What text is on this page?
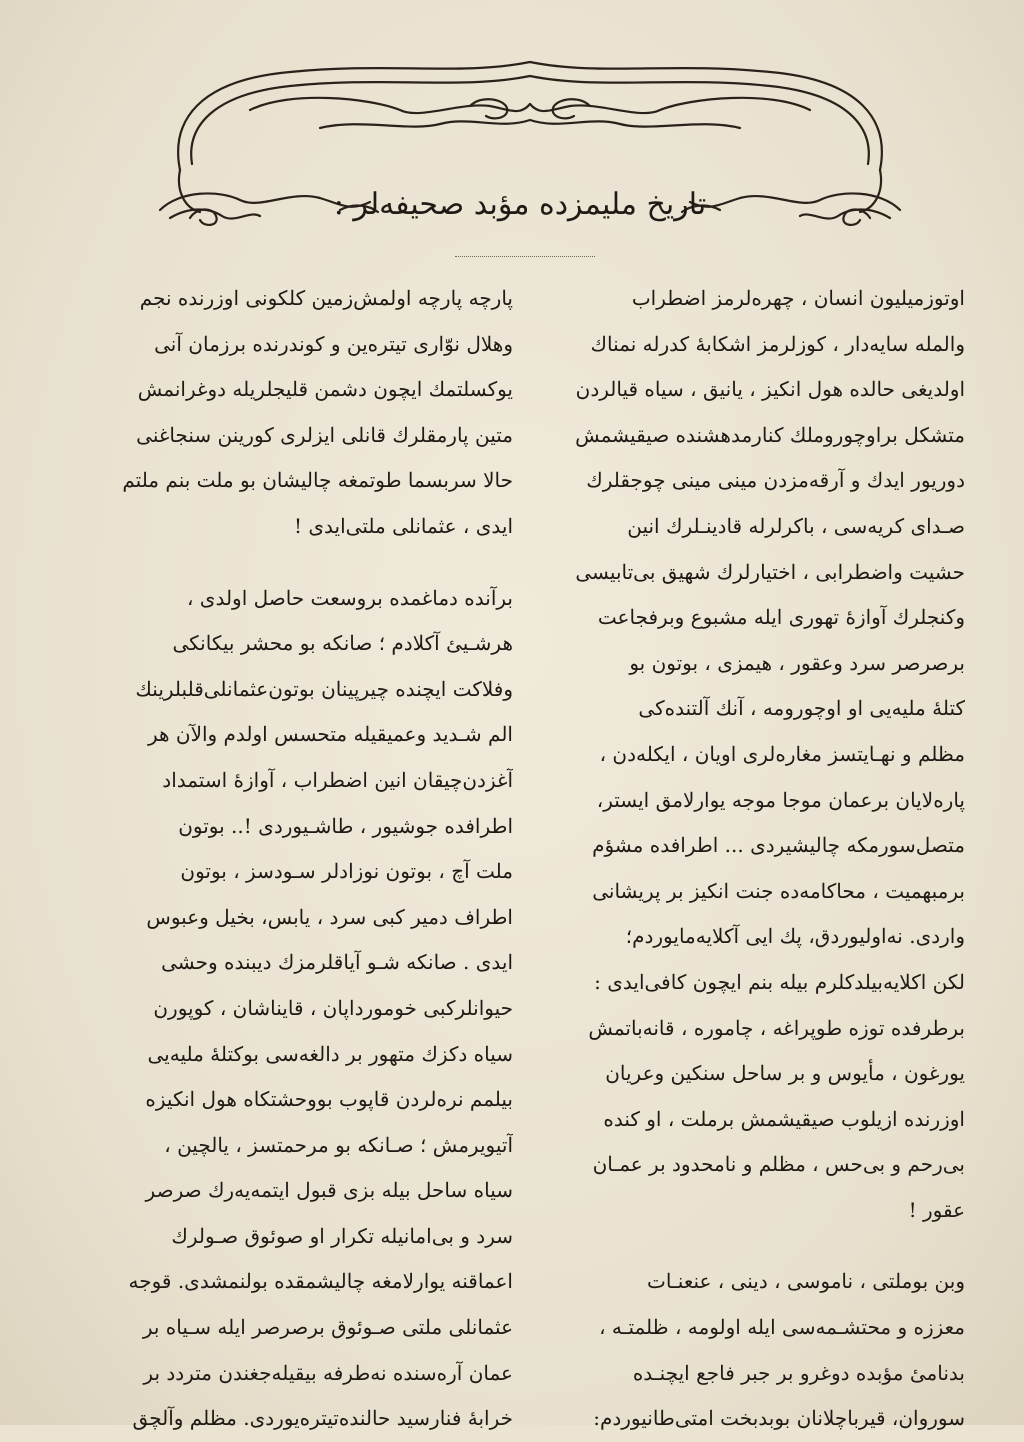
تاریخ ملیمزده مؤبد صحیفه‌لر :
اوتوزمیلیون انسان ، چهره‌لرمز اضطراب
والمله سایه‌دار ، کوزلرمز اشکابهٔ کدرله نمناك
اولدیغی حالده هول انکیز ، یانیق ، سیاه قیالردن
متشکل براوچوروملك کنارمدهشنده صیقیشمش
دوریور ایدك و آرقه‌مزدن مینی مینی چوجقلرك
صـدای کریه‌سی ، باکرلرله قادینـلرك انین
حشیت واضطرابی ، اختیارلرك شهیق بی‌تابیسی
وکنجلرك آوازهٔ تهوری ایله مشبوع وبرفجاعت
برصرصر سرد وعقور ، هیمزی ، بوتون بو
کتلهٔ ملیه‌یی او اوچورومه ، آنك آلتنده‌کی
مظلم و نهـایتسز مغاره‌لری اویان ، ایکله‌دن ،
پاره‌لایان برعمان موجا موجه یوارلامق ایستر،
متصل‌سورمکه چالیشیردی ... اطرافده مشؤم
برمبهمیت ، محاکامه‌ده جنت انکیز بر پریشانی
واردی. نه‌اولیوردق، پك ایی آکلایه‌مایوردم؛
لکن اکلایه‌بیلدکلرم بیله بنم ایچون کافی‌ایدی :
برطرفده توزه طوپراغه ، چاموره ، قانه‌باتمش
یورغون ، مأیوس و بر ساحل سنکین وعریان
اوزرنده ازیلوب صیقیشمش برملت ، او کنده
بی‌رحم و بی‌حس ، مظلم و نامحدود بر عمـان
عقور !
وبن بوملتی ، ناموسی ، دینی ، عنعنـات
معززه و محتشـمه‌سی ایله اولومه ، ظلمتـه ،
بدنامیٔ مؤبده دوغرو بر جبر فاجع ایچنـده
سوروان، قیرباچلانان بوبدبخت امتی‌طانیوردم:
پارچه پارچه اولمش‌زمین کلکونی اوزرنده نجم
وهلال نوّاری تیتره‌ین و کوندرنده برزمان آنی
یوکسلتمك ایچون دشمن قلیجلریله دوغرانمش
متین پارمقلرك قانلی ایزلری کورینن سنجاغنی
حالا سربسما طوتمغه چالیشان بو ملت بنم ملتم
ایدی ، عثمانلی ملتی‌ایدی !
برآنده دماغمده بروسعت حاصل اولدی ،
هرشـیئ آکلادم ؛ صانکه بو محشر بیکانکی
وفلاکت ایچنده چیرپینان بوتون‌عثمانلی‌قلبلرینك
الم شـدید وعمیقیله متحسس اولدم والآن هر
آغزدن‌چیقان انین اضطراب ، آوازهٔ استمداد
اطرافده جوشیور ، طاشـیوردی !.. بوتون
ملت آچ ، بوتون نوزادلر سـودسز ، بوتون
اطراف دمیر کبی سرد ، یابس، بخیل وعبوس
ایدی . صانکه شـو آیاقلرمزك دیبنده وحشی
حیوانلرکبی خومورداپان ، قایناشان ، کوپورن
سیاه دکزك متهور بر دالغه‌سی بوکتلهٔ ملیه‌یی
بیلمم نره‌لردن قاپوب بووحشتکاه هول انکیزه
آتیویرمش ؛ صـانکه بو مرحمتسز ، یالچین ،
سیاه ساحل بیله بزی قبول ایتمه‌یه‌رك صرصر
سرد و بی‌امانیله تکرار او صوئوق صـولرك
اعماقنه یوارلامغه چالیشمقده بولنمشدی. قوجه
عثمانلی ملتی صـوئوق برصرصر ایله سـیاه بر
عمان آره‌سنده نه‌طرفه بیقیله‌جغندن متردد بر
خرابهٔ فنارسید حالنده‌تیتره‌یوردی. مظلم وآلچق
